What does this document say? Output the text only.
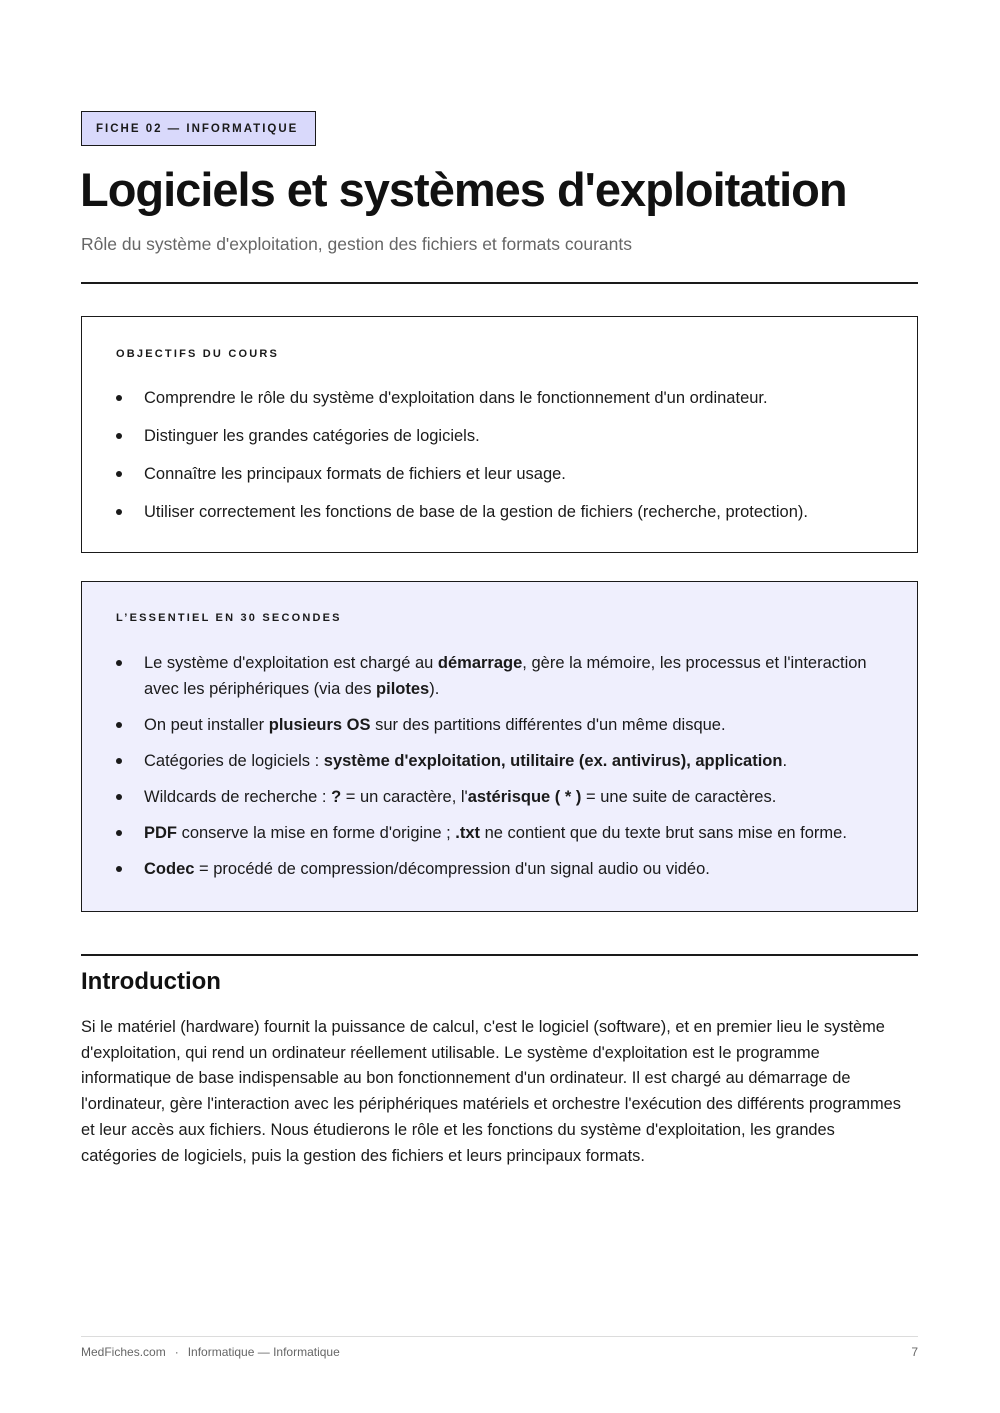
FICHE 02 — INFORMATIQUE
Logiciels et systèmes d'exploitation
Rôle du système d'exploitation, gestion des fichiers et formats courants
OBJECTIFS DU COURS
Comprendre le rôle du système d'exploitation dans le fonctionnement d'un ordinateur.
Distinguer les grandes catégories de logiciels.
Connaître les principaux formats de fichiers et leur usage.
Utiliser correctement les fonctions de base de la gestion de fichiers (recherche, protection).
L’ESSENTIEL EN 30 SECONDES
Le système d'exploitation est chargé au démarrage, gère la mémoire, les processus et l'interaction avec les périphériques (via des pilotes).
On peut installer plusieurs OS sur des partitions différentes d'un même disque.
Catégories de logiciels : système d'exploitation, utilitaire (ex. antivirus), application.
Wildcards de recherche : ? = un caractère, l'astérisque ( * ) = une suite de caractères.
PDF conserve la mise en forme d'origine ; .txt ne contient que du texte brut sans mise en forme.
Codec = procédé de compression/décompression d'un signal audio ou vidéo.
Introduction

Si le matériel (hardware) fournit la puissance de calcul, c'est le logiciel (software), et en premier lieu le système d'exploitation, qui rend un ordinateur réellement utilisable. Le système d'exploitation est le programme informatique de base indispensable au bon fonctionnement d'un ordinateur. Il est chargé au démarrage de l'ordinateur, gère l'interaction avec les périphériques matériels et orchestre l'exécution des différents programmes et leur accès aux fichiers. Nous étudierons le rôle et les fonctions du système d'exploitation, les grandes catégories de logiciels, puis la gestion des fichiers et leurs principaux formats.

MedFiches.com · Informatique — Informatique	7
